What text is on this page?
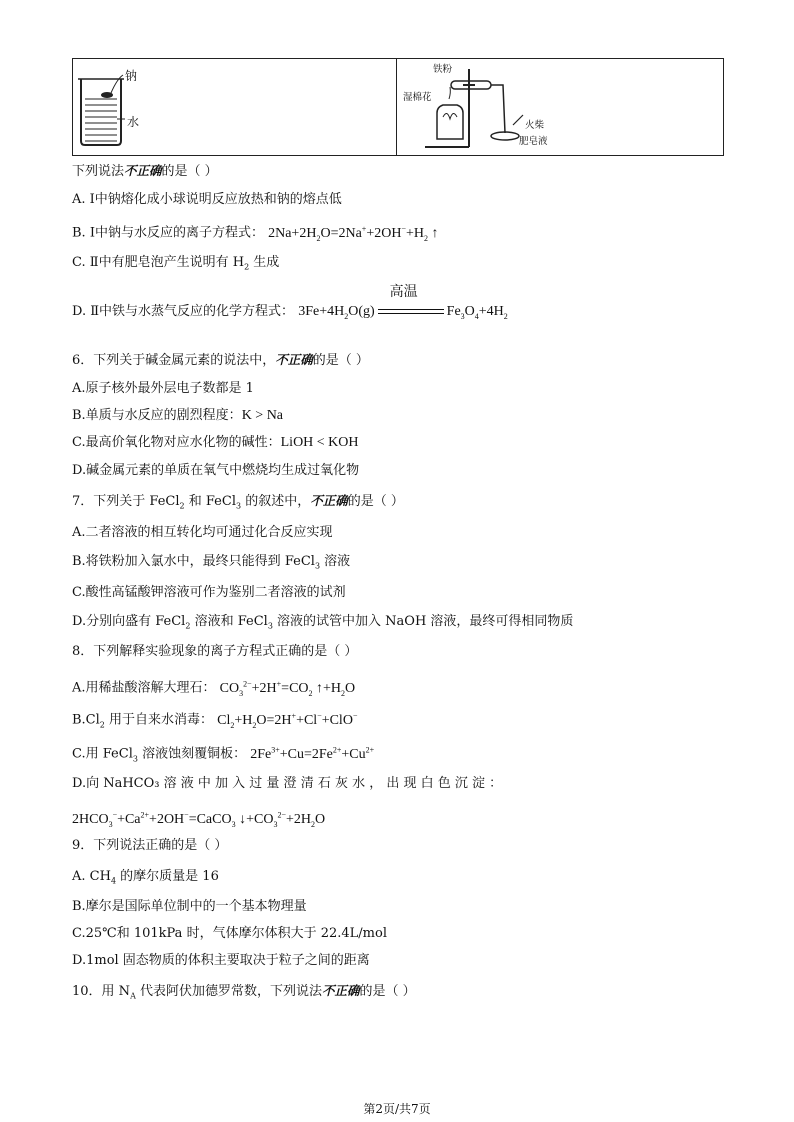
钠
水
铁粉
湿棉花
火柴
肥皂液
下列说法不正确的是（ ）
A. Ⅰ中钠熔化成小球说明反应放热和钠的熔点低
B. Ⅰ中钠与水反应的离子方程式： $2Na+2H_2O=2Na^++2OH^-+H_2$ ↑
C. Ⅱ中有肥皂泡产生说明有 $H_2$ 生成
D. Ⅱ中铁与水蒸气反应的化学方程式： $3Fe+4H_2O(g)$
高温
$Fe_3O_4+4H_2$
6．下列关于碱金属元素的说法中，不正确的是（ ）
A.原子核外最外层电子数都是 1
B.单质与水反应的剧烈程度：K > Na
C.最高价氧化物对应水化物的碱性：LiOH < KOH
D.碱金属元素的单质在氧气中燃烧均生成过氧化物
7．下列关于 FeCl$_2$ 和 FeCl$_3$ 的叙述中，不正确的是（ ）
A.二者溶液的相互转化均可通过化合反应实现
B.将铁粉加入氯水中，最终只能得到 FeCl$_3$ 溶液
C.酸性高锰酸钾溶液可作为鉴别二者溶液的试剂
D.分别向盛有 FeCl$_2$ 溶液和 FeCl$_3$ 溶液的试管中加入 NaOH 溶液，最终可得相同物质
8．下列解释实验现象的离子方程式正确的是（ ）
A.用稀盐酸溶解大理石： $CO_3^{2-}+2H^+=CO_2$ $↑+H_2O$
$B.Cl_2$ 用于自来水消毒： $Cl_2+H_2O=2H^++Cl^-+ClO^-$
C.用 FeCl$_3$ 溶液蚀刻覆铜板： $2Fe^{3+}+Cu=2Fe^{2+}+Cu^{2+}$
D.向 NaHCO₃ 溶 液 中 加 入 过 量 澄 清 石 灰 水 ， 出 现 白 色 沉 淀 ：
$2HCO_3^-+Ca^{2+}+2OH^-=CaCO_3$ $↓+CO_3^{2-}+2H_2O$
9．下列说法正确的是（ ）
A. $CH_4$ 的摩尔质量是 16
B.摩尔是国际单位制中的一个基本物理量
C.25℃和 101kPa 时，气体摩尔体积大于 22.4L/mol
D.1mol 固态物质的体积主要取决于粒子之间的距离
10．用 $N_A$ 代表阿伏加德罗常数，下列说法不正确的是（ ）
第2页/共7页
